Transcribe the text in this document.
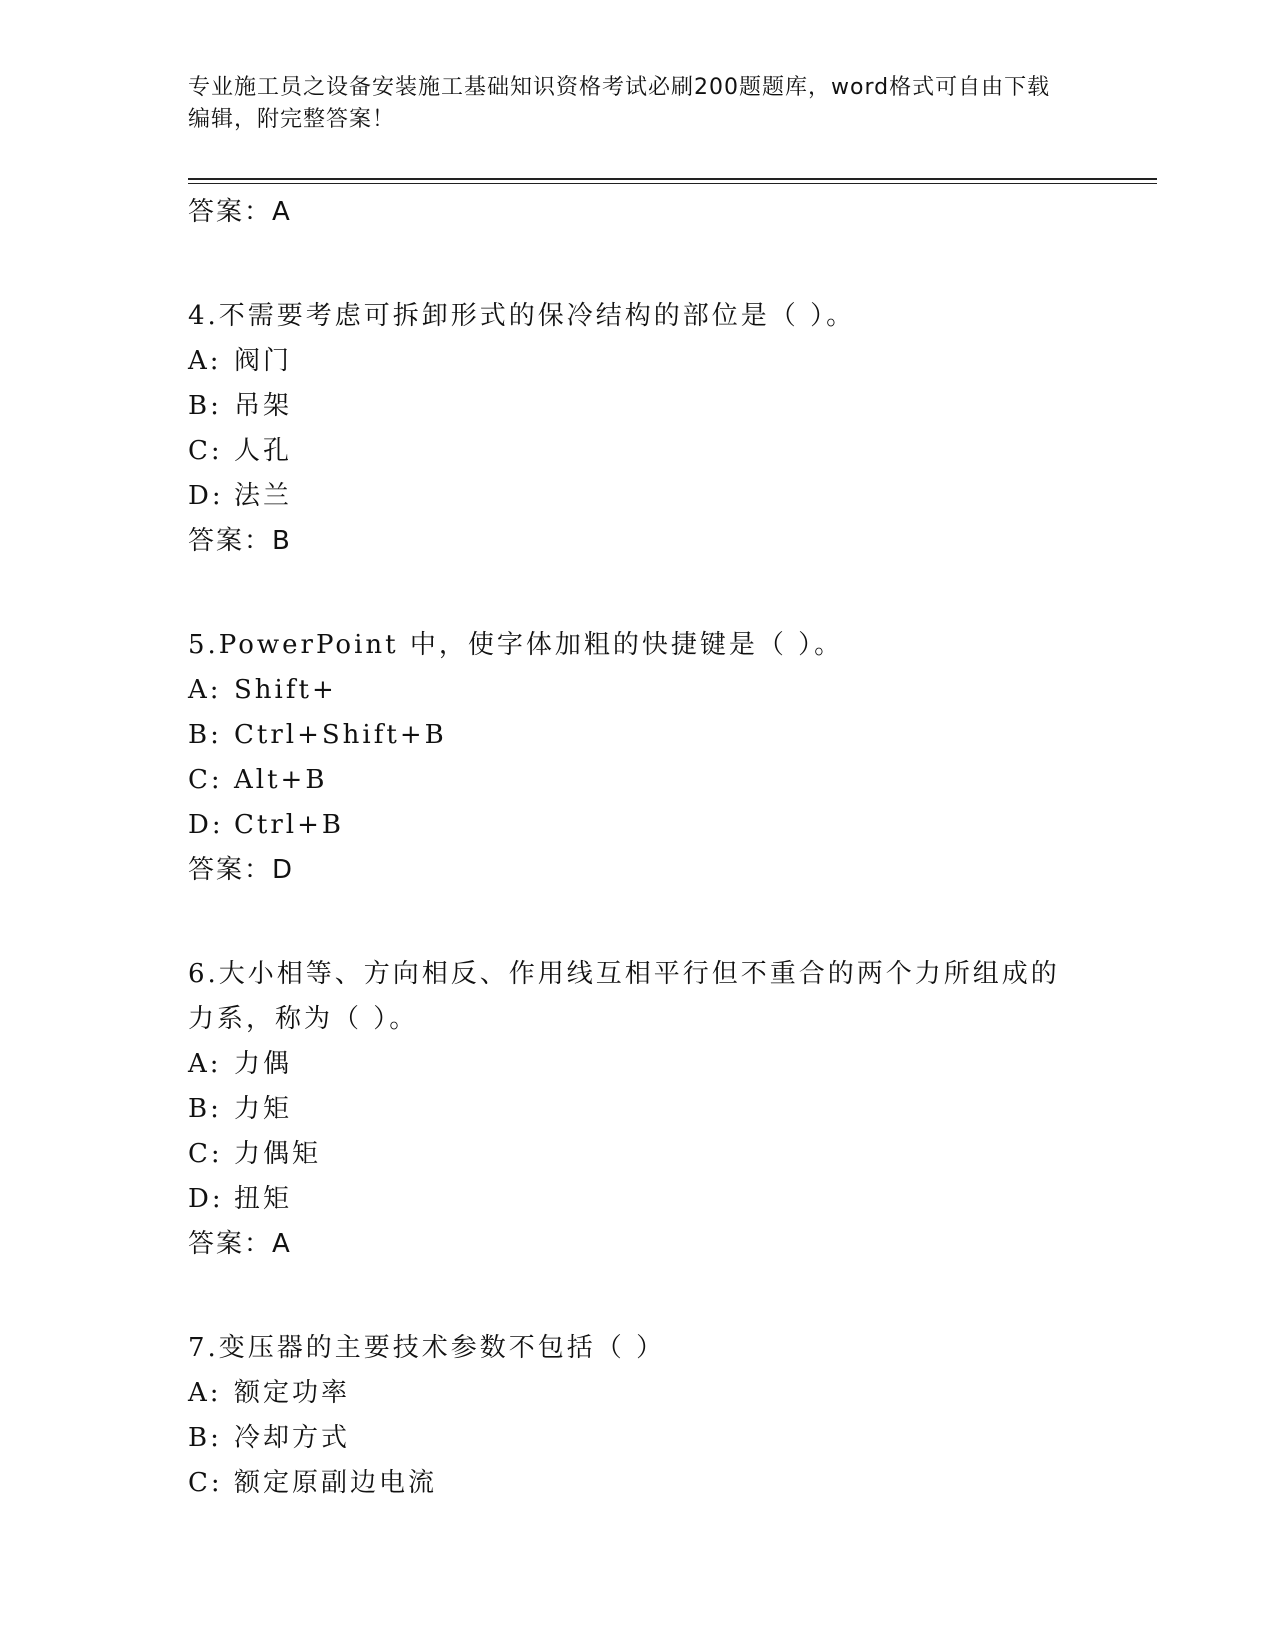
专业施工员之设备安装施工基础知识资格考试必刷200题题库，word格式可自由下载编辑，附完整答案！
答案：A
4.不需要考虑可拆卸形式的保冷结构的部位是（ ）。
A: 阀门
B: 吊架
C: 人孔
D: 法兰
答案：B
5.PowerPoint 中，使字体加粗的快捷键是（ ）。
A: Shift+
B: Ctrl+Shift+B
C: Alt+B
D: Ctrl+B
答案：D
6.大小相等、方向相反、作用线互相平行但不重合的两个力所组成的力系，称为（ ）。
A: 力偶
B: 力矩
C: 力偶矩
D: 扭矩
答案：A
7.变压器的主要技术参数不包括（ ）
A: 额定功率
B: 冷却方式
C: 额定原副边电流
